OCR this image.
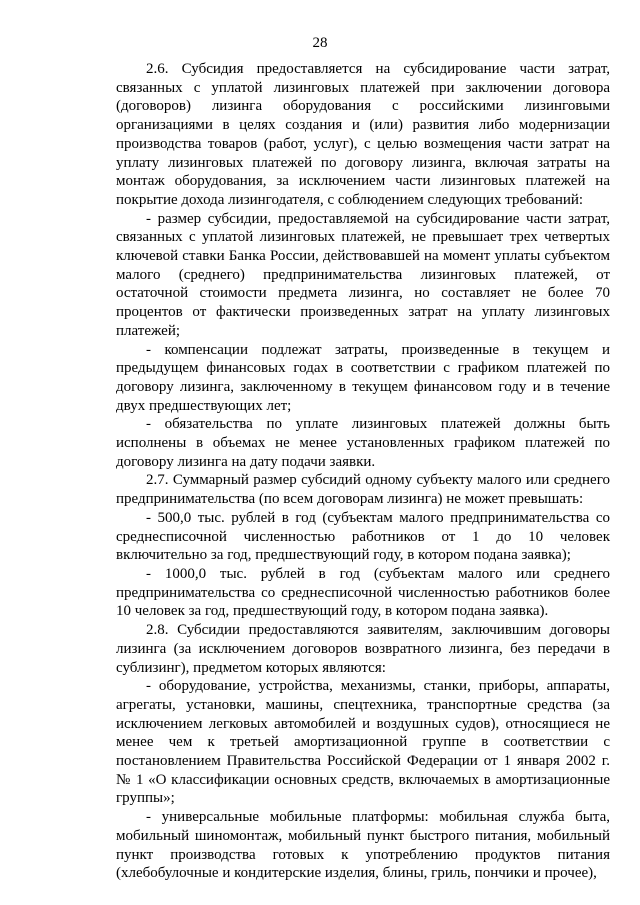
28

2.6. Субсидия предоставляется на субсидирование части затрат, связанных с уплатой лизинговых платежей при заключении договора (договоров) лизинга оборудования с российскими лизинговыми организациями в целях создания и (или) развития либо модернизации производства товаров (работ, услуг), с целью возмещения части затрат на уплату лизинговых платежей по договору лизинга, включая затраты на монтаж оборудования, за исключением части лизинговых платежей на покрытие дохода лизингодателя, с соблюдением следующих требований:

- размер субсидии, предоставляемой на субсидирование части затрат, связанных с уплатой лизинговых платежей, не превышает трех четвертых ключевой ставки Банка России, действовавшей на момент уплаты субъектом малого (среднего) предпринимательства лизинговых платежей, от остаточной стоимости предмета лизинга, но составляет не более 70 процентов от фактически произведенных затрат на уплату лизинговых платежей;

- компенсации подлежат затраты, произведенные в текущем и предыдущем финансовых годах в соответствии с графиком платежей по договору лизинга, заключенному в текущем финансовом году и в течение двух предшествующих лет;

- обязательства по уплате лизинговых платежей должны быть исполнены в объемах не менее установленных графиком платежей по договору лизинга на дату подачи заявки.

2.7. Суммарный размер субсидий одному субъекту малого или среднего предпринимательства (по всем договорам лизинга) не может превышать:

- 500,0 тыс. рублей в год (субъектам малого предпринимательства со среднесписочной численностью работников от 1 до 10 человек включительно за год, предшествующий году, в котором подана заявка);

- 1000,0 тыс. рублей в год (субъектам малого или среднего предпринимательства со среднесписочной численностью работников более 10 человек за год, предшествующий году, в котором подана заявка).

2.8. Субсидии предоставляются заявителям, заключившим договоры лизинга (за исключением договоров возвратного лизинга, без передачи в сублизинг), предметом которых являются:

- оборудование, устройства, механизмы, станки, приборы, аппараты, агрегаты, установки, машины, спецтехника, транспортные средства (за исключением легковых автомобилей и воздушных судов), относящиеся не менее чем к третьей амортизационной группе в соответствии с постановлением Правительства Российской Федерации от 1 января 2002 г. № 1 «О классификации основных средств, включаемых в амортизационные группы»;

- универсальные мобильные платформы: мобильная служба быта, мобильный шиномонтаж, мобильный пункт быстрого питания, мобильный пункт производства готовых к употреблению продуктов питания (хлебобулочные и кондитерские изделия, блины, гриль, пончики и прочее),
